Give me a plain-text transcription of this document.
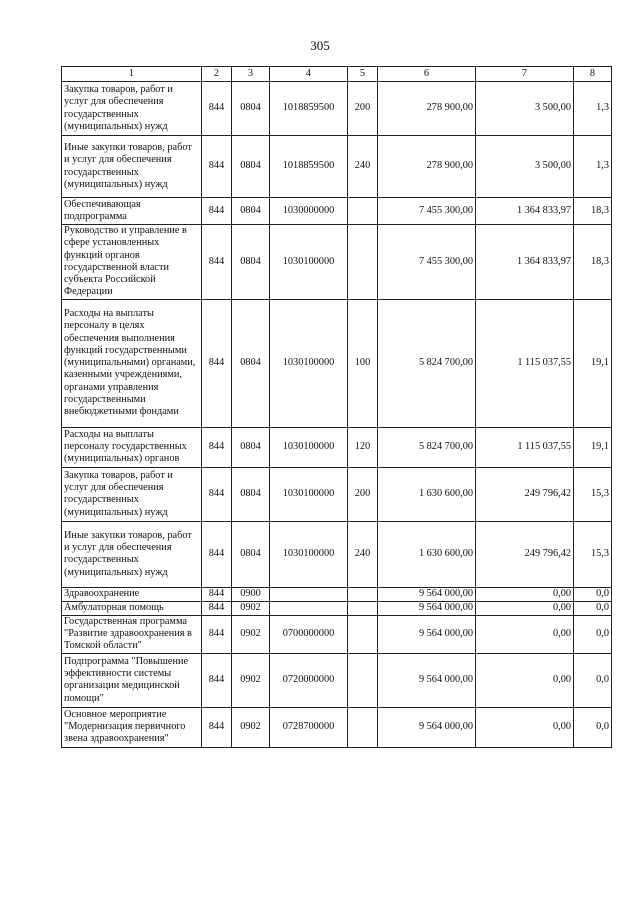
305
1	2	3	4	5	6	7	8
Закупка товаров, работ и услуг для обеспечения государственных (муниципальных) нужд	844	0804	1018859500	200	278 900,00	3 500,00	1,3
Иные закупки товаров, работ и услуг для обеспечения государственных (муниципальных) нужд	844	0804	1018859500	240	278 900,00	3 500,00	1,3
Обеспечивающая подпрограмма	844	0804	1030000000		7 455 300,00	1 364 833,97	18,3
Руководство и управление в сфере установленных функций органов государственной власти субъекта Российской Федерации	844	0804	1030100000		7 455 300,00	1 364 833,97	18,3
Расходы на выплаты персоналу в целях обеспечения выполнения функций государственными (муниципальными) органами, казенными учреждениями, органами управления государственными внебюджетными фондами	844	0804	1030100000	100	5 824 700,00	1 115 037,55	19,1
Расходы на выплаты персоналу государственных (муниципальных) органов	844	0804	1030100000	120	5 824 700,00	1 115 037,55	19,1
Закупка товаров, работ и услуг для обеспечения государственных (муниципальных) нужд	844	0804	1030100000	200	1 630 600,00	249 796,42	15,3
Иные закупки товаров, работ и услуг для обеспечения государственных (муниципальных) нужд	844	0804	1030100000	240	1 630 600,00	249 796,42	15,3
Здравоохранение	844	0900			9 564 000,00	0,00	0,0
Амбулаторная помощь	844	0902			9 564 000,00	0,00	0,0
Государственная программа "Развитие здравоохранения в Томской области"	844	0902	0700000000		9 564 000,00	0,00	0,0
Подпрограмма "Повышение эффективности системы организации медицинской помощи"	844	0902	0720000000		9 564 000,00	0,00	0,0
Основное мероприятие "Модернизация первичного звена здравоохранения"	844	0902	0728700000		9 564 000,00	0,00	0,0
